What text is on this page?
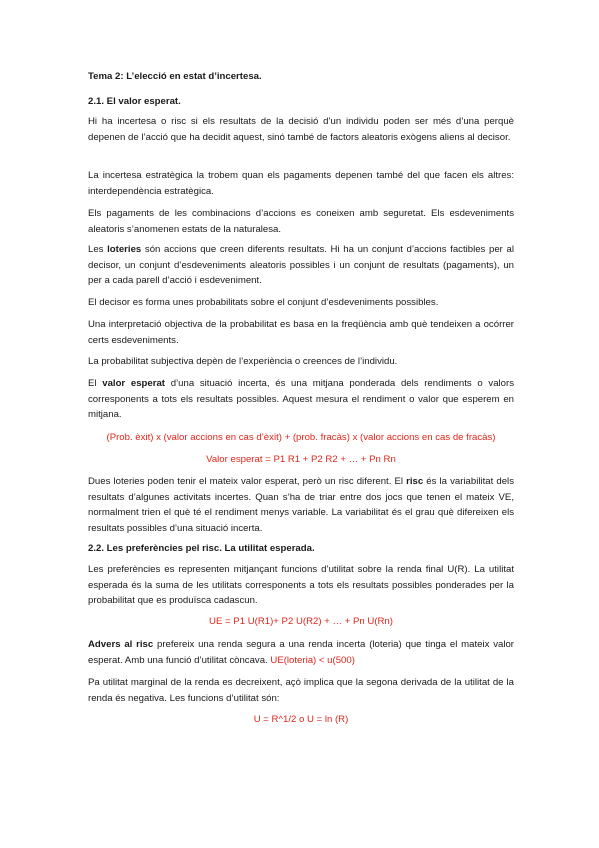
Tema 2: L’elecció en estat d’incertesa.

2.1. El valor esperat.

Hi ha incertesa o risc si els resultats de la decisió d’un individu poden ser més d’una perquè depenen de l’acció que ha decidit aquest, sinó també de factors aleatoris exògens aliens al decisor.

La incertesa estratègica la trobem quan els pagaments depenen també del que facen els altres: interdependència estratègica.

Els pagaments de les combinacions d’accions es coneixen amb seguretat. Els esdeveniments aleatoris s’anomenen estats de la naturalesa.

Les loteries són accions que creen diferents resultats. Hi ha un conjunt d’accions factibles per al decisor, un conjunt d’esdeveniments aleatoris possibles i un conjunt de resultats (pagaments), un per a cada parell d’acció i esdeveniment.

El decisor es forma unes probabilitats sobre el conjunt d’esdeveniments possibles.

Una interpretació objectiva de la probabilitat es basa en la freqüència amb què tendeixen a ocórrer certs esdeveniments.

La probabilitat subjectiva depèn de l’experiència o creences de l’individu.

El valor esperat d’una situació incerta, és una mitjana ponderada dels rendiments o valors corresponents a tots els resultats possibles. Aquest mesura el rendiment o valor que esperem en mitjana.

(Prob. èxit) x (valor accions en cas d’èxit) + (prob. fracàs) x (valor accions en cas de fracàs)

Valor esperat = P1 R1 + P2 R2 + … + Pn Rn

Dues loteries poden tenir el mateix valor esperat, però un risc diferent. El risc és la variabilitat dels resultats d’algunes activitats incertes. Quan s’ha de triar entre dos jocs que tenen el mateix VE, normalment trien el què té el rendiment menys variable. La variabilitat és el grau què difereixen els resultats possibles d’una situació incerta.

2.2. Les preferències pel risc. La utilitat esperada.

Les preferències es representen mitjançant funcions d’utilitat sobre la renda final U(R). La utilitat esperada és la suma de les utilitats corresponents a tots els resultats possibles ponderades per la probabilitat que es produïsca cadascun.

UE = P1 U(R1)+ P2 U(R2) + … + Pn U(Rn)

Advers al risc prefereix una renda segura a una renda incerta (loteria) que tinga el mateix valor esperat. Amb una funció d’utilitat còncava. UE(loteria) < u(500)

Pa utilitat marginal de la renda es decreixent, açò implica que la segona derivada de la utilitat de la renda és negativa. Les funcions d’utilitat són:

U = R^1/2 o U = ln (R)
